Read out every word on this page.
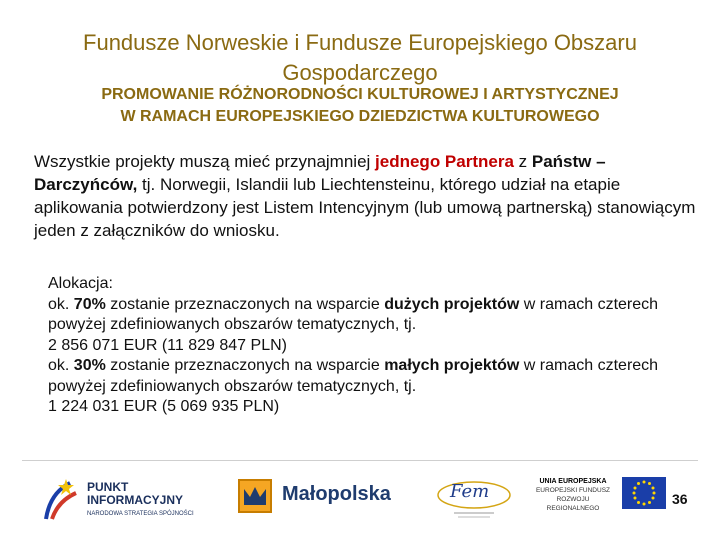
Fundusze Norweskie i Fundusze Europejskiego Obszaru Gospodarczego
PROMOWANIE RÓŻNORODNOŚCI KULTUROWEJ I ARTYSTYCZNEJ
W RAMACH EUROPEJSKIEGO DZIEDZICTWA KULTUROWEGO
Wszystkie projekty muszą mieć przynajmniej jednego Partnera z Państw – Darczyńców, tj. Norwegii, Islandii lub Liechtensteinu, którego udział na etapie aplikowania potwierdzony jest Listem Intencyjnym (lub umową partnerską) stanowiącym jeden z załączników do wniosku.
Alokacja:
ok. 70% zostanie przeznaczonych na wsparcie dużych projektów w ramach czterech powyżej zdefiniowanych obszarów tematycznych, tj.
2 856 071 EUR (11 829 847 PLN)
ok. 30% zostanie przeznaczonych na wsparcie małych projektów w ramach czterech powyżej zdefiniowanych obszarów tematycznych, tj.
1 224 031 EUR (5 069 935 PLN)
PUNKT
INFORMACYJNY
NARODOWA STRATEGIA SPÓJNOŚCI
Małopolska	Fem	UNIA EUROPEJSKA
EUROPEJSKI FUNDUSZ
ROZWOJU REGIONALNEGO
36
